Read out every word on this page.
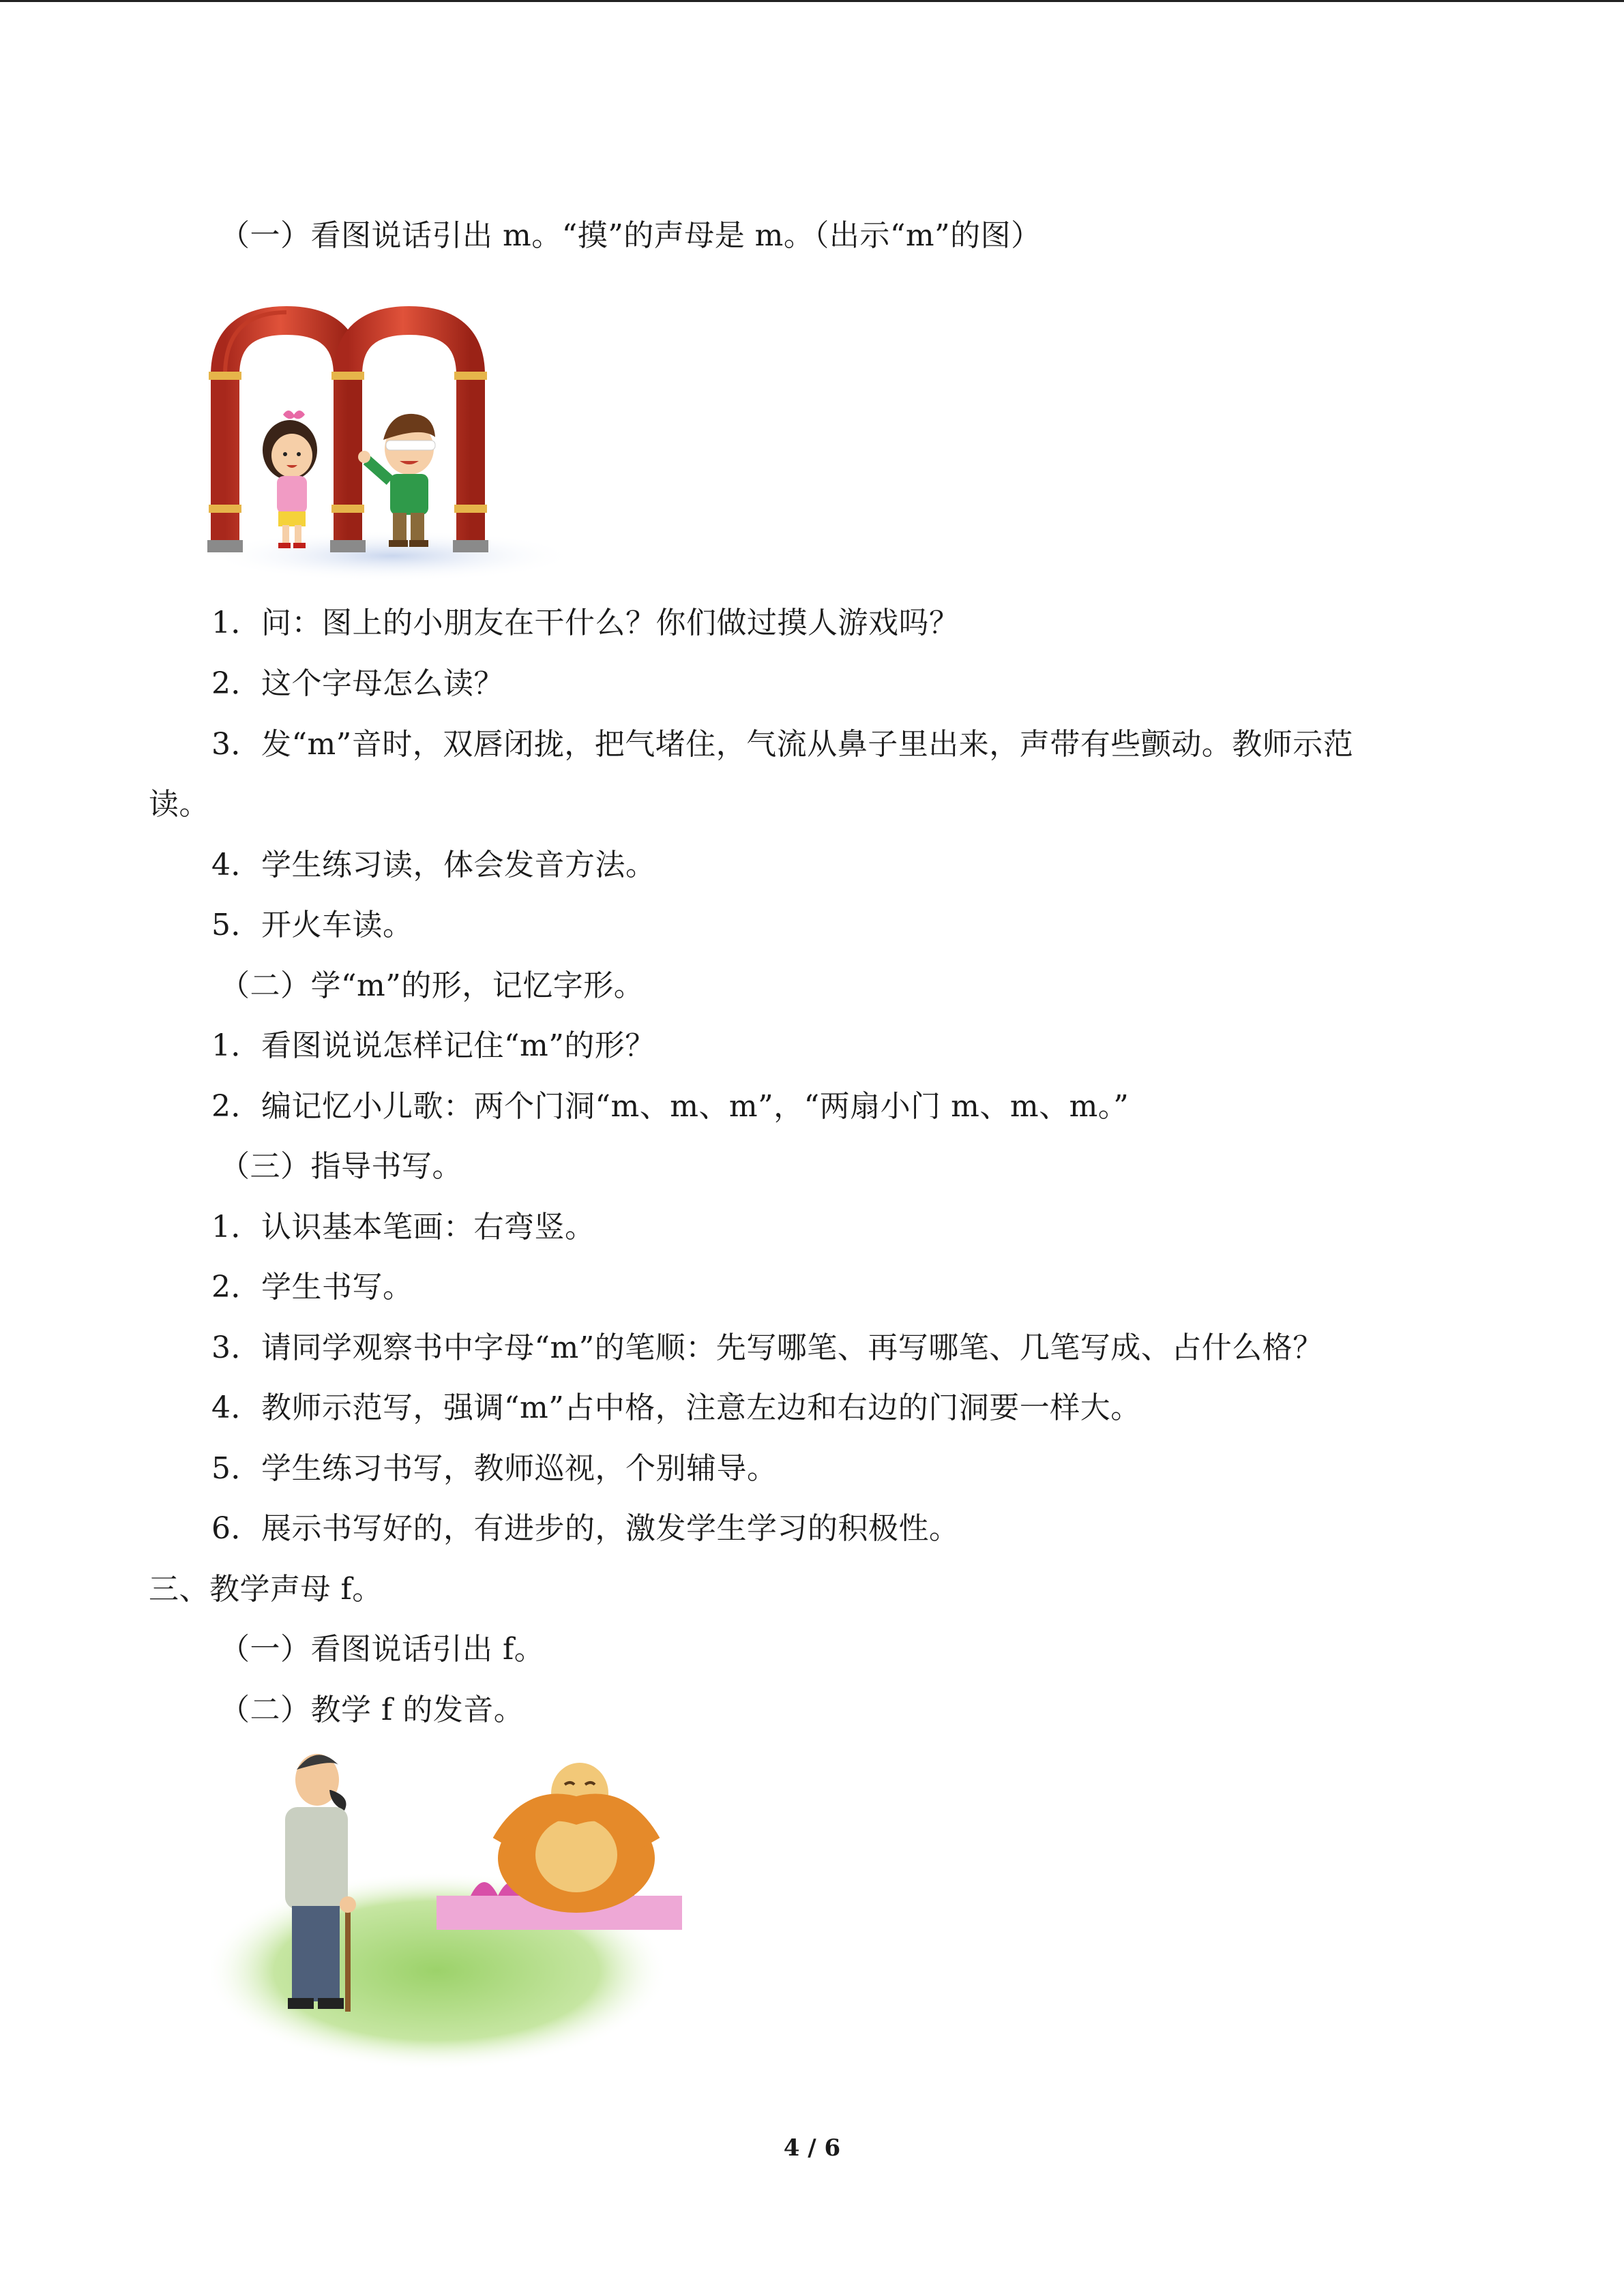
（一）看图说话引出 m。“摸”的声母是 m。（出示“m”的图）
1．问：图上的小朋友在干什么？你们做过摸人游戏吗？
2．这个字母怎么读？
3．发“m”音时，双唇闭拢，把气堵住，气流从鼻子里出来，声带有些颤动。教师示范
读。
4．学生练习读，体会发音方法。
5．开火车读。
（二）学“m”的形，记忆字形。
1．看图说说怎样记住“m”的形？
2．编记忆小儿歌：两个门洞“m、m、m”，“两扇小门 m、m、m。”
（三）指导书写。
1．认识基本笔画：右弯竖。
2．学生书写。
3．请同学观察书中字母“m”的笔顺：先写哪笔、再写哪笔、几笔写成、占什么格？
4．教师示范写，强调“m”占中格，注意左边和右边的门洞要一样大。
5．学生练习书写，教师巡视，个别辅导。
6．展示书写好的，有进步的，激发学生学习的积极性。
三、教学声母 f。
（一）看图说话引出 f。
（二）教学 f 的发音。
4 / 6
